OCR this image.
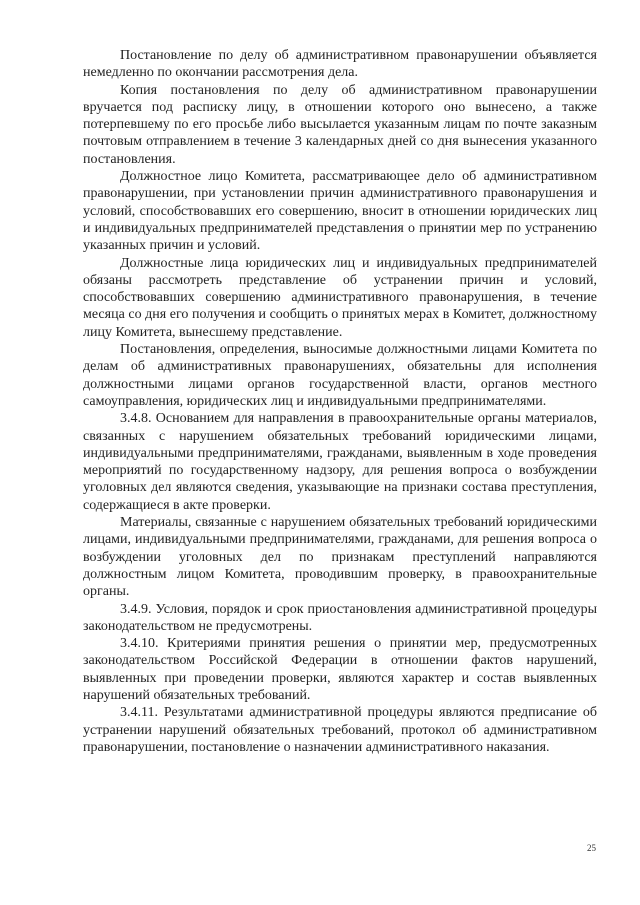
Постановление по делу об административном правонарушении объявляется немедленно по окончании рассмотрения дела.

Копия постановления по делу об административном правонарушении вручается под расписку лицу, в отношении которого оно вынесено, а также потерпевшему по его просьбе либо высылается указанным лицам по почте заказным почтовым отправлением в течение 3 календарных дней со дня вынесения указанного постановления.

Должностное лицо Комитета, рассматривающее дело об административном правонарушении, при установлении причин административного правонарушения и условий, способствовавших его совершению, вносит в отношении юридических лиц и индивидуальных предпринимателей представления о принятии мер по устранению указанных причин и условий.

Должностные лица юридических лиц и индивидуальных предпринимателей обязаны рассмотреть представление об устранении причин и условий, способствовавших совершению административного правонарушения, в течение месяца со дня его получения и сообщить о принятых мерах в Комитет, должностному лицу Комитета, вынесшему представление.

Постановления, определения, выносимые должностными лицами Комитета по делам об административных правонарушениях, обязательны для исполнения должностными лицами органов государственной власти, органов местного самоуправления, юридических лиц и индивидуальными предпринимателями.

3.4.8. Основанием для направления в правоохранительные органы материалов, связанных с нарушением обязательных требований юридическими лицами, индивидуальными предпринимателями, гражданами, выявленным в ходе проведения мероприятий по государственному надзору, для решения вопроса о возбуждении уголовных дел являются сведения, указывающие на признаки состава преступления, содержащиеся в акте проверки.

Материалы, связанные с нарушением обязательных требований юридическими лицами, индивидуальными предпринимателями, гражданами, для решения вопроса о возбуждении уголовных дел по признакам преступлений направляются должностным лицом Комитета, проводившим проверку, в правоохранительные органы.

3.4.9. Условия, порядок и срок приостановления административной процедуры законодательством не предусмотрены.

3.4.10. Критериями принятия решения о принятии мер, предусмотренных законодательством Российской Федерации в отношении фактов нарушений, выявленных при проведении проверки, являются характер и состав выявленных нарушений обязательных требований.

3.4.11. Результатами административной процедуры являются предписание об устранении нарушений обязательных требований, протокол об административном правонарушении, постановление о назначении административного наказания.

25
